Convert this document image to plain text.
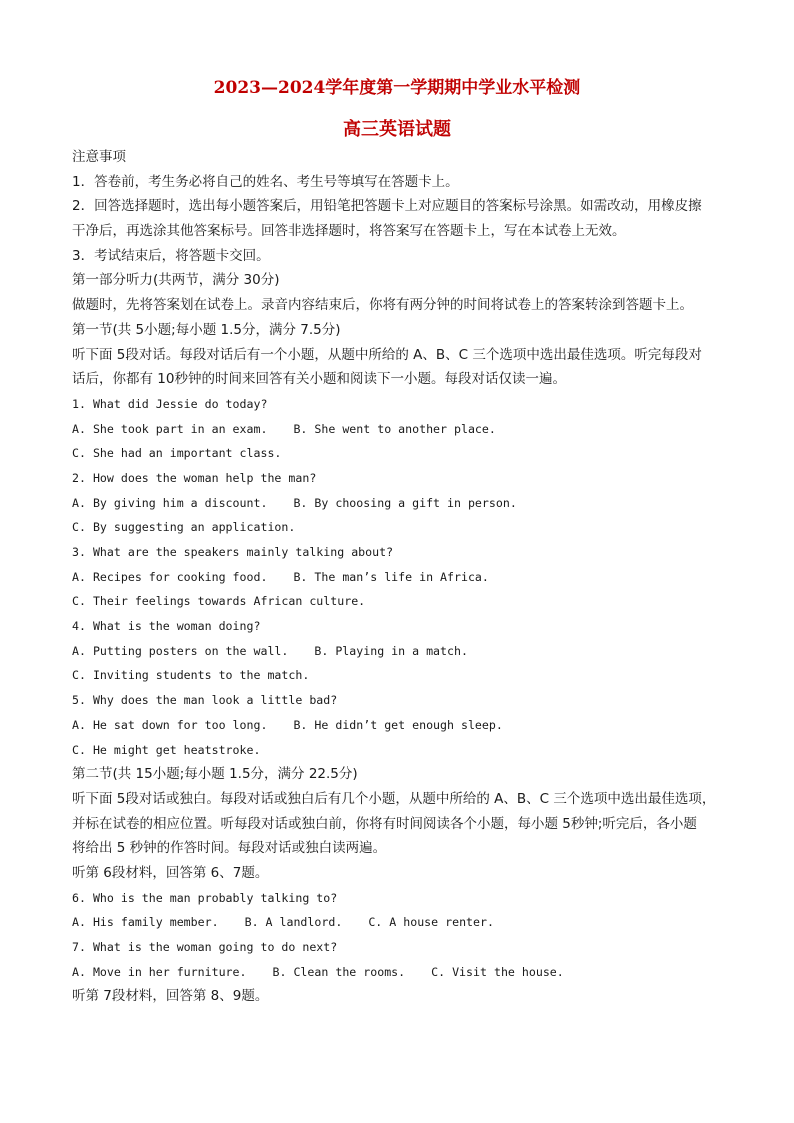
2023—2024学年度第一学期期中学业水平检测
高三英语试题
注意事项
1．答卷前，考生务必将自己的姓名、考生号等填写在答题卡上。
2．回答选择题时，选出每小题答案后，用铅笔把答题卡上对应题目的答案标号涂黑。如需改动，用橡皮擦
干净后，再选涂其他答案标号。回答非选择题时，将答案写在答题卡上，写在本试卷上无效。
3．考试结束后，将答题卡交回。
第一部分听力(共两节，满分 30分)
做题时，先将答案划在试卷上。录音内容结束后，你将有两分钟的时间将试卷上的答案转涂到答题卡上。
第一节(共 5小题;每小题 1.5分，满分 7.5分)
听下面 5段对话。每段对话后有一个小题，从题中所给的 A、B、C 三个选项中选出最佳选项。听完每段对
话后，你都有 10秒钟的时间来回答有关小题和阅读下一小题。每段对话仅读一遍。
1. What did Jessie do today?
A. She took part in an exam. B. She went to another place.
C. She had an important class.
2. How does the woman help the man?
A. By giving him a discount. B. By choosing a gift in person.
C. By suggesting an application.
3. What are the speakers mainly talking about?
A. Recipes for cooking food. B. The man’s life in Africa.
C. Their feelings towards African culture.
4. What is the woman doing?
A. Putting posters on the wall. B. Playing in a match.
C. Inviting students to the match.
5. Why does the man look a little bad?
A. He sat down for too long. B. He didn’t get enough sleep.
C. He might get heatstroke.
第二节(共 15小题;每小题 1.5分，满分 22.5分)
听下面 5段对话或独白。每段对话或独白后有几个小题，从题中所给的 A、B、C 三个选项中选出最佳选项，
并标在试卷的相应位置。听每段对话或独白前，你将有时间阅读各个小题，每小题 5秒钟;听完后，各小题
将给出 5 秒钟的作答时间。每段对话或独白读两遍。
听第 6段材料，回答第 6、7题。
6. Who is the man probably talking to?
A. His family member. B. A landlord. C. A house renter.
7. What is the woman going to do next?
A. Move in her furniture. B. Clean the rooms. C. Visit the house.
听第 7段材料，回答第 8、9题。
